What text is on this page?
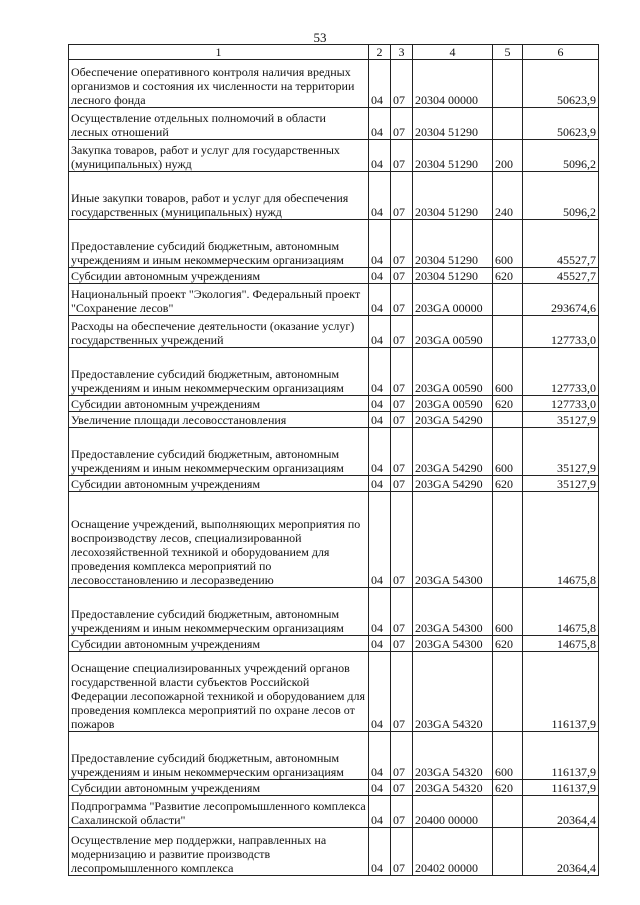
53
1	2	3	4	5	6
Обеспечение оперативного контроля наличия вредных организмов и состояния их численности на территории лесного фонда	04	07	20304 00000		50623,9
Осуществление отдельных полномочий в области лесных отношений	04	07	20304 51290		50623,9
Закупка товаров, работ и услуг для государственных (муниципальных) нужд	04	07	20304 51290	200	5096,2
Иные закупки товаров, работ и услуг для обеспечения государственных (муниципальных) нужд	04	07	20304 51290	240	5096,2
Предоставление субсидий бюджетным, автономным учреждениям и иным некоммерческим организациям	04	07	20304 51290	600	45527,7
Субсидии автономным учреждениям	04	07	20304 51290	620	45527,7
Национальный проект "Экология". Федеральный проект "Сохранение лесов"	04	07	203GA 00000		293674,6
Расходы на обеспечение деятельности (оказание услуг) государственных учреждений	04	07	203GA 00590		127733,0
Предоставление субсидий бюджетным, автономным учреждениям и иным некоммерческим организациям	04	07	203GA 00590	600	127733,0
Субсидии автономным учреждениям	04	07	203GA 00590	620	127733,0
Увеличение площади лесовосстановления	04	07	203GA 54290		35127,9
Предоставление субсидий бюджетным, автономным учреждениям и иным некоммерческим организациям	04	07	203GA 54290	600	35127,9
Субсидии автономным учреждениям	04	07	203GA 54290	620	35127,9
Оснащение учреждений, выполняющих мероприятия по воспроизводству лесов, специализированной лесохозяйственной техникой и оборудованием для проведения комплекса мероприятий по лесовосстановлению и лесоразведению	04	07	203GA 54300		14675,8
Предоставление субсидий бюджетным, автономным учреждениям и иным некоммерческим организациям	04	07	203GA 54300	600	14675,8
Субсидии автономным учреждениям	04	07	203GA 54300	620	14675,8
Оснащение специализированных учреждений органов государственной власти субъектов Российской Федерации лесопожарной техникой и оборудованием для проведения комплекса мероприятий по охране лесов от пожаров	04	07	203GA 54320		116137,9
Предоставление субсидий бюджетным, автономным учреждениям и иным некоммерческим организациям	04	07	203GA 54320	600	116137,9
Субсидии автономным учреждениям	04	07	203GA 54320	620	116137,9
Подпрограмма "Развитие лесопромышленного комплекса Сахалинской области"	04	07	20400 00000		20364,4
Осуществление мер поддержки, направленных на модернизацию и развитие производств лесопромышленного комплекса	04	07	20402 00000		20364,4
